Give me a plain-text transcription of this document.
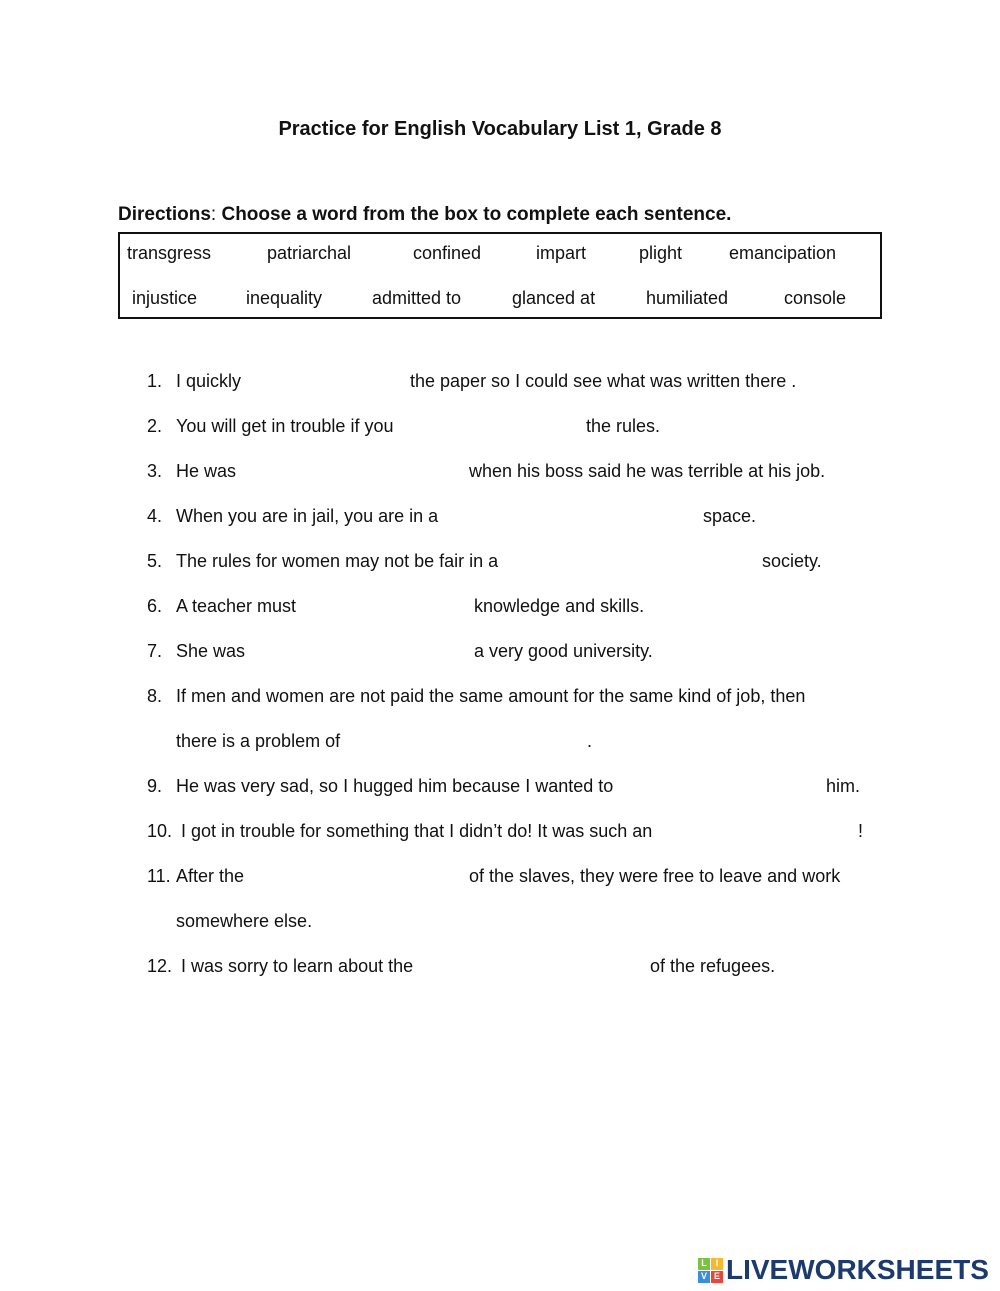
Practice for English Vocabulary List 1, Grade 8
Directions: Choose a word from the box to complete each sentence.
transgress	patriarchal	confined	impart	plight	emancipation
injustice	inequality	admitted to	glanced at	humiliated	console
1. I quickly	the paper so I could see what was written there .
2. You will get in trouble if you	the rules.
3. He was	when his boss said he was terrible at his job.
4. When you are in jail, you are in a	space.
5. The rules for women may not be fair in a	society.
6. A teacher must	knowledge and skills.
7. She was	a very good university.
8. If men and women are not paid the same amount for the same kind of job, then
there is a problem of	.
9. He was very sad, so I hugged him because I wanted to	him.
10. I got in trouble for something that I didn’t do! It was such an	!
11. After the	of the slaves, they were free to leave and work
somewhere else.
12. I was sorry to learn about the	of the refugees.
L I
V E LIVEWORKSHEETS
